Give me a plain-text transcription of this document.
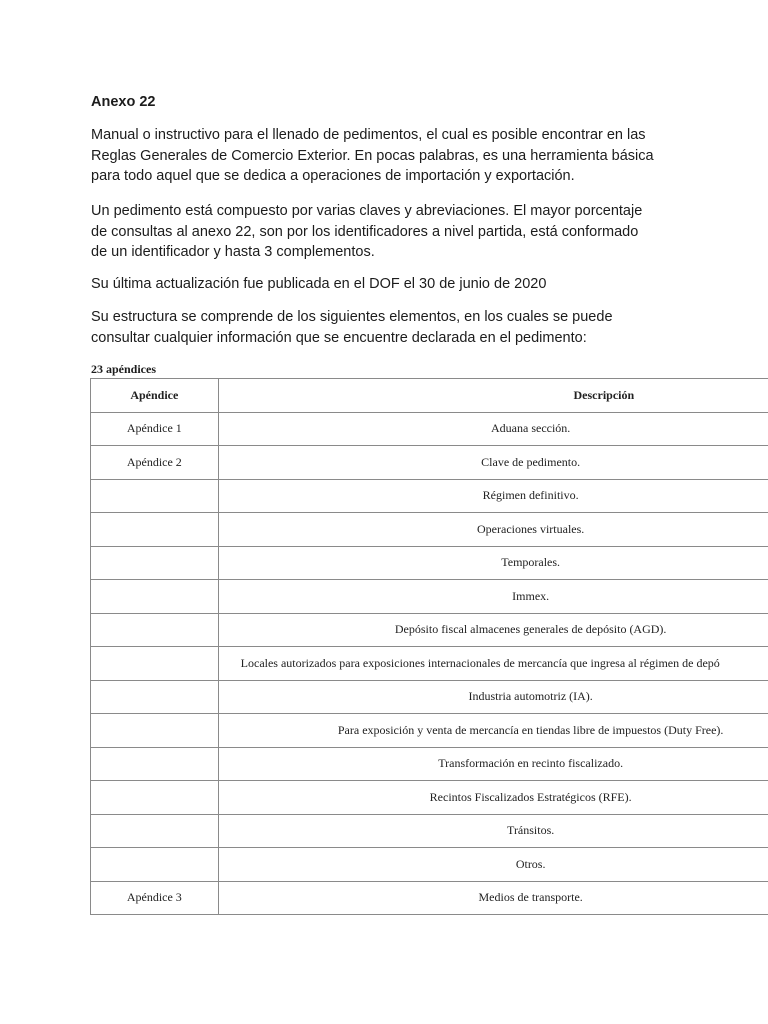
Anexo 22

Manual o instructivo para el llenado de pedimentos, el cual es posible encontrar en las
Reglas Generales de Comercio Exterior. En pocas palabras, es una herramienta básica
para todo aquel que se dedica a operaciones de importación y exportación.

Un pedimento está compuesto por varias claves y abreviaciones. El mayor porcentaje
de consultas al anexo 22, son por los identificadores a nivel partida, está conformado
de un identificador y hasta 3 complementos.

Su última actualización fue publicada en el DOF el 30 de junio de 2020

Su estructura se comprende de los siguientes elementos, en los cuales se puede
consultar cualquier información que se encuentre declarada en el pedimento:

23 apéndices
Apéndice	Descripción
Apéndice 1	Aduana sección.
Apéndice 2	Clave de pedimento.
	Régimen definitivo.
	Operaciones virtuales.
	Temporales.
	Immex.
	Depósito fiscal almacenes generales de depósito (AGD).
	Locales autorizados para exposiciones internacionales de mercancía que ingresa al régimen de depó
	Industria automotriz (IA).
	Para exposición y venta de mercancía en tiendas libre de impuestos (Duty Free).
	Transformación en recinto fiscalizado.
	Recintos Fiscalizados Estratégicos (RFE).
	Tránsitos.
	Otros.
Apéndice 3	Medios de transporte.
